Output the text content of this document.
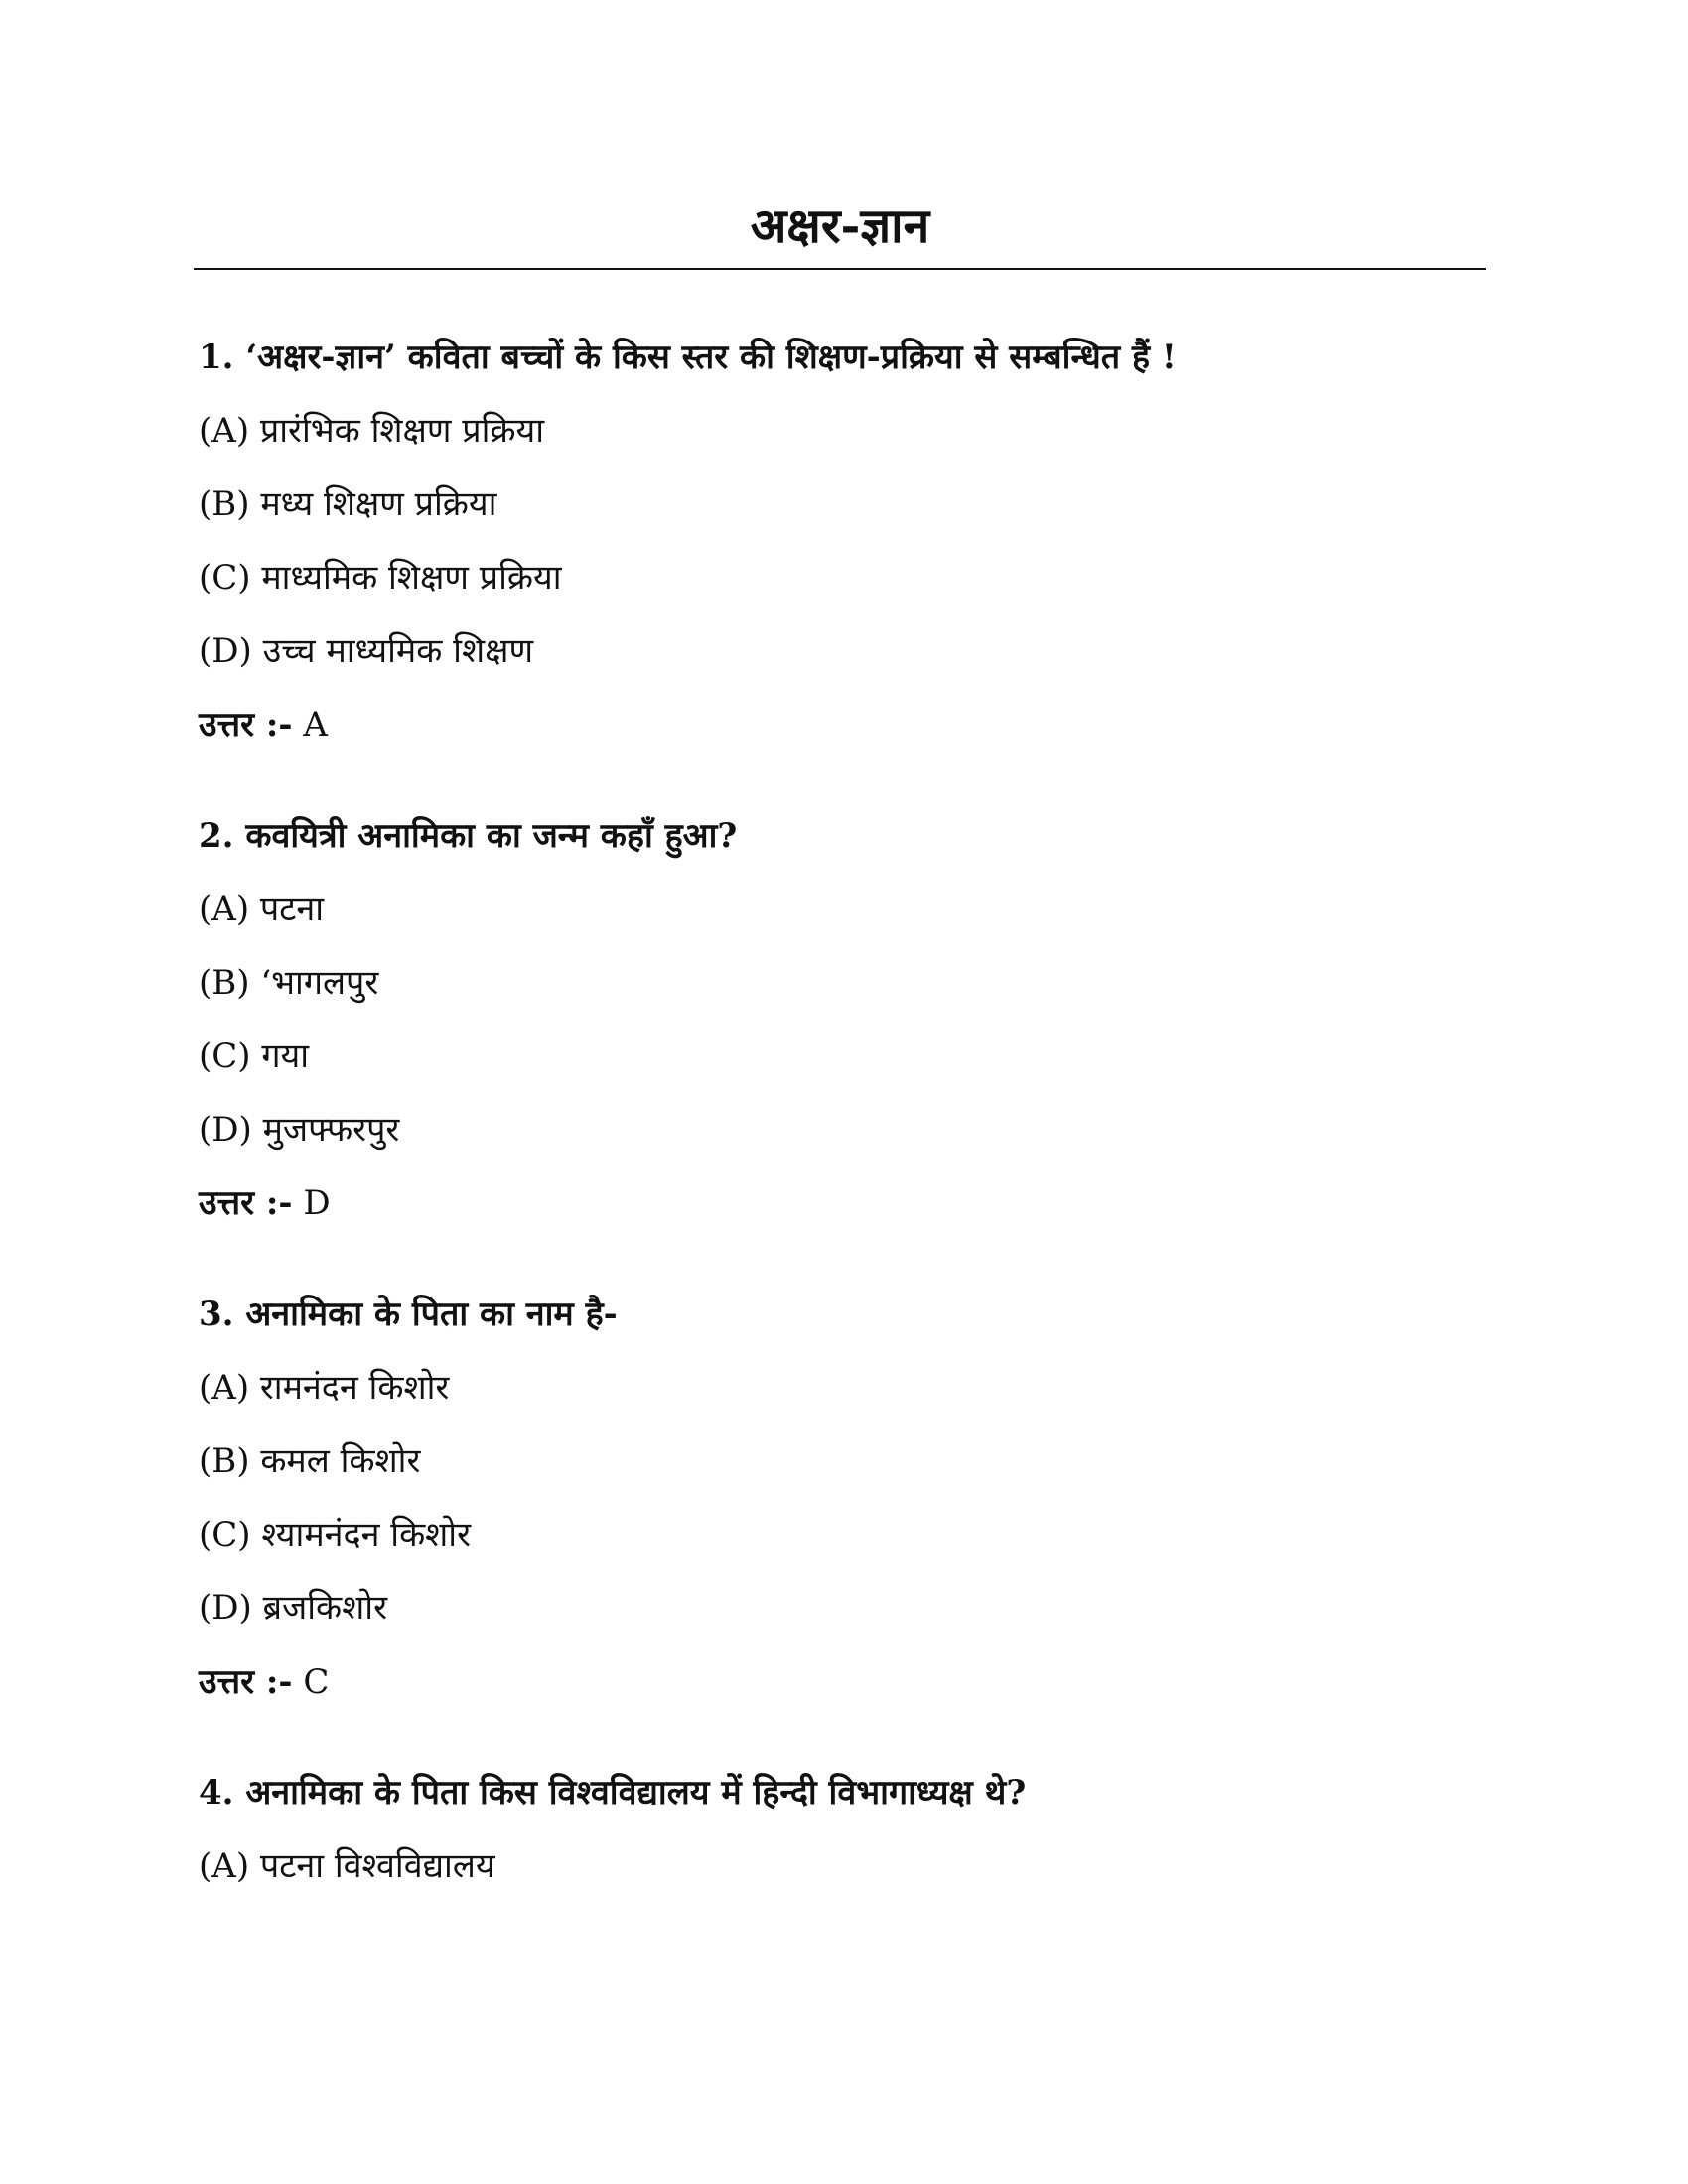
अक्षर-ज्ञान
1. ‘अक्षर-ज्ञान’ कविता बच्चों के किस स्तर की शिक्षण-प्रक्रिया से सम्बन्धित हैं !
(A) प्रारंभिक शिक्षण प्रक्रिया
(B) मध्य शिक्षण प्रक्रिया
(C) माध्यमिक शिक्षण प्रक्रिया
(D) उच्च माध्यमिक शिक्षण
उत्तर :- A
2. कवयित्री अनामिका का जन्म कहाँ हुआ?
(A) पटना
(B) ‘भागलपुर
(C) गया
(D) मुजफ्फरपुर
उत्तर :- D
3. अनामिका के पिता का नाम है-
(A) रामनंदन किशोर
(B) कमल किशोर
(C) श्यामनंदन किशोर
(D) ब्रजकिशोर
उत्तर :- C
4. अनामिका के पिता किस विश्वविद्यालय में हिन्दी विभागाध्यक्ष थे?
(A) पटना विश्वविद्यालय
